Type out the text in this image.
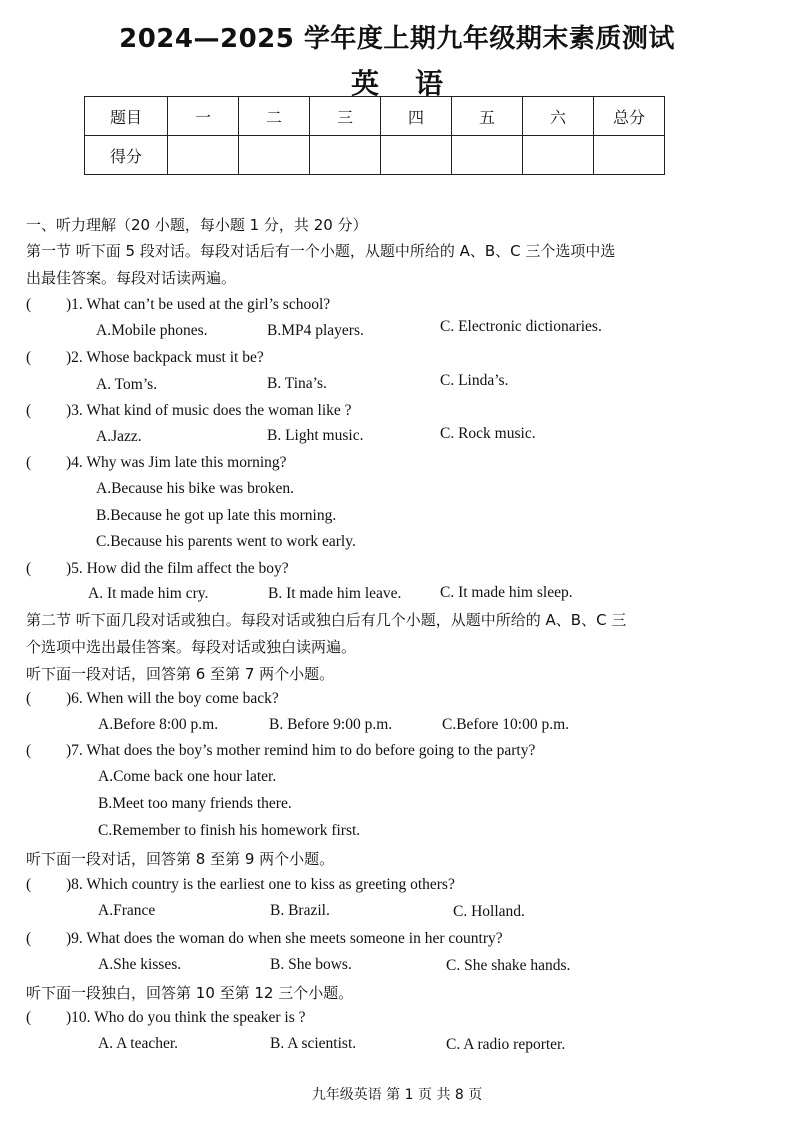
2024—2025 学年度上期九年级期末素质测试
英语
题目	一	二	三	四	五	六	总分
得分							
一、听力理解（20 小题，每小题 1 分，共 20 分）
第一节 听下面 5 段对话。每段对话后有一个小题，从题中所给的 A、B、C 三个选项中选
出最佳答案。每段对话读两遍。
( )1. What can’t be used at the girl’s school?
A.Mobile phones.	B.MP4 players.	C. Electronic dictionaries.
( )2. Whose backpack must it be?
A. Tom’s.	B. Tina’s.	C. Linda’s.
( )3. What kind of music does the woman like ?
A.Jazz.	B. Light music.	C. Rock music.
( )4. Why was Jim late this morning?
A.Because his bike was broken.
B.Because he got up late this morning.
C.Because his parents went to work early.
( )5. How did the film affect the boy?
A. It made him cry.	B. It made him leave. C. It made him sleep.
第二节 听下面几段对话或独白。每段对话或独白后有几个小题，从题中所给的 A、B、C 三
个选项中选出最佳答案。每段对话或独白读两遍。
听下面一段对话，回答第 6 至第 7 两个小题。
( )6. When will the boy come back?
A.Before 8:00 p.m.	B. Before 9:00 p.m.	C.Before 10:00 p.m.
( )7. What does the boy’s mother remind him to do before going to the party?
A.Come back one hour later.
B.Meet too many friends there.
C.Remember to finish his homework first.
听下面一段对话，回答第 8 至第 9 两个小题。
( )8. Which country is the earliest one to kiss as greeting others?
A.France	B. Brazil.	C. Holland.
( )9. What does the woman do when she meets someone in her country?
A.She kisses.	B. She bows.	C. She shake hands.
听下面一段独白，回答第 10 至第 12 三个小题。
( )10. Who do you think the speaker is ?
A. A teacher.	B. A scientist.	C. A radio reporter.
九年级英语 第 1 页 共 8 页
